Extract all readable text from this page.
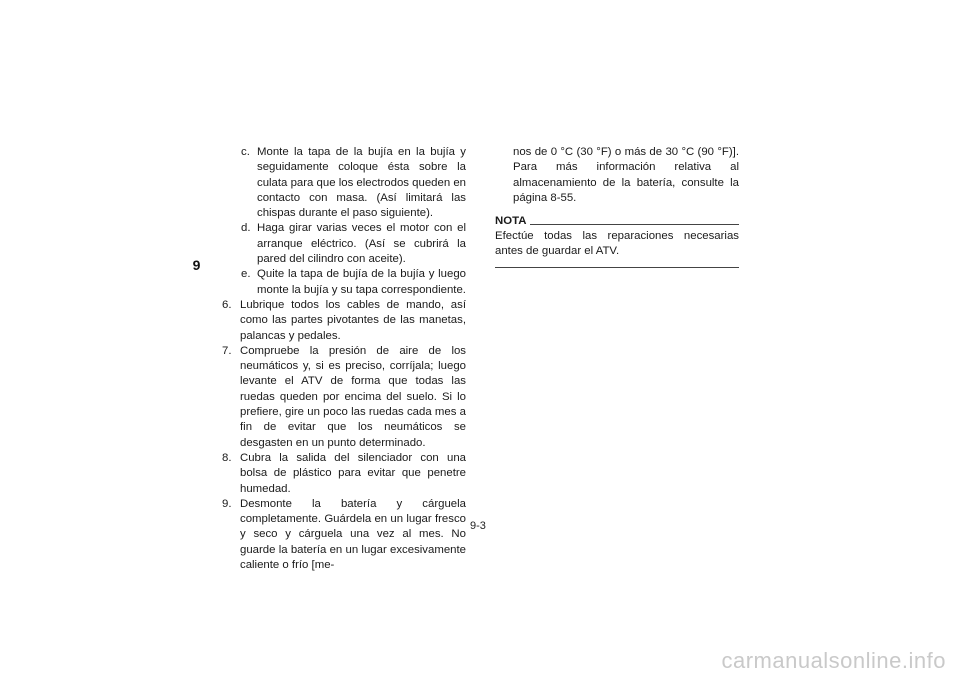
9

c. Monte la tapa de la bujía en la bujía y seguidamente coloque ésta sobre la culata para que los electrodos queden en contacto con masa. (Así limitará las chispas durante el paso siguiente).

d. Haga girar varias veces el motor con el arranque eléctrico. (Así se cubrirá la pared del cilindro con aceite).

e. Quite la tapa de bujía de la bujía y luego monte la bujía y su tapa correspondiente.

6. Lubrique todos los cables de mando, así como las partes pivotantes de las manetas, palancas y pedales.

7. Compruebe la presión de aire de los neumáticos y, si es preciso, corríjala; luego levante el ATV de forma que todas las ruedas queden por encima del suelo. Si lo prefiere, gire un poco las ruedas cada mes a fin de evitar que los neumáticos se desgasten en un punto determinado.

8. Cubra la salida del silenciador con una bolsa de plástico para evitar que penetre humedad.

9. Desmonte la batería y cárguela completamente. Guárdela en un lugar fresco y seco y cárguela una vez al mes. No guarde la batería en un lugar excesivamente caliente o frío [me-

nos de 0 °C (30 °F) o más de 30 °C (90 °F)]. Para más información relativa al almacenamiento de la batería, consulte la página 8-55.

NOTA

Efectúe todas las reparaciones necesarias antes de guardar el ATV.

9-3
carmanualsonline.info
